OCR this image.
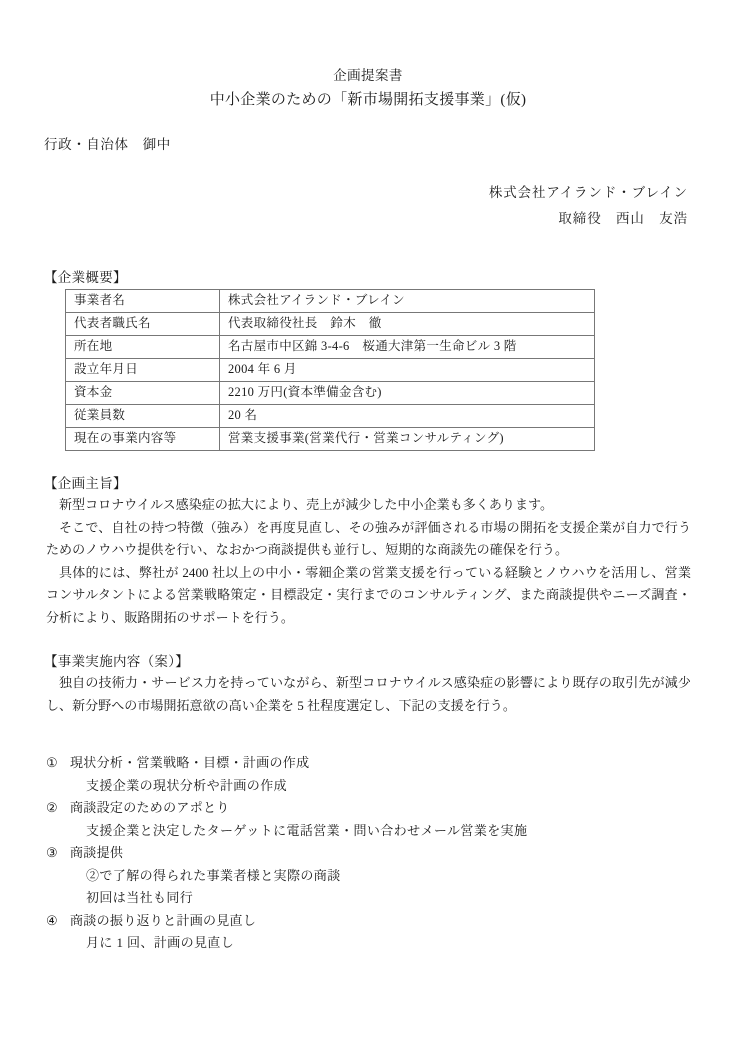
企画提案書
中小企業のための「新市場開拓支援事業」(仮)
行政・自治体　御中
株式会社アイランド・ブレイン
取締役　西山　友浩
【企業概要】
事業者名	株式会社アイランド・ブレイン
代表者職氏名	代表取締役社長　鈴木　徹
所在地	名古屋市中区錦 3-4-6　桜通大津第一生命ビル 3 階
設立年月日	2004 年 6 月
資本金	2210 万円(資本準備金含む)
従業員数	20 名
現在の事業内容等	営業支援事業(営業代行・営業コンサルティング)
【企画主旨】

新型コロナウイルス感染症の拡大により、売上が減少した中小企業も多くあります。

そこで、自社の持つ特徴（強み）を再度見直し、その強みが評価される市場の開拓を支援企業が自力で行うためのノウハウ提供を行い、なおかつ商談提供も並行し、短期的な商談先の確保を行う。

具体的には、弊社が 2400 社以上の中小・零細企業の営業支援を行っている経験とノウハウを活用し、営業コンサルタントによる営業戦略策定・目標設定・実行までのコンサルティング、また商談提供やニーズ調査・分析により、販路開拓のサポートを行う。

【事業実施内容（案）】

独自の技術力・サービス力を持っていながら、新型コロナウイルス感染症の影響により既存の取引先が減少し、新分野への市場開拓意欲の高い企業を 5 社程度選定し、下記の支援を行う。

① 現状分析・営業戦略・目標・計画の作成
支援企業の現状分析や計画の作成
② 商談設定のためのアポとり
支援企業と決定したターゲットに電話営業・問い合わせメール営業を実施
③ 商談提供
②で了解の得られた事業者様と実際の商談
初回は当社も同行
④ 商談の振り返りと計画の見直し
月に 1 回、計画の見直し
